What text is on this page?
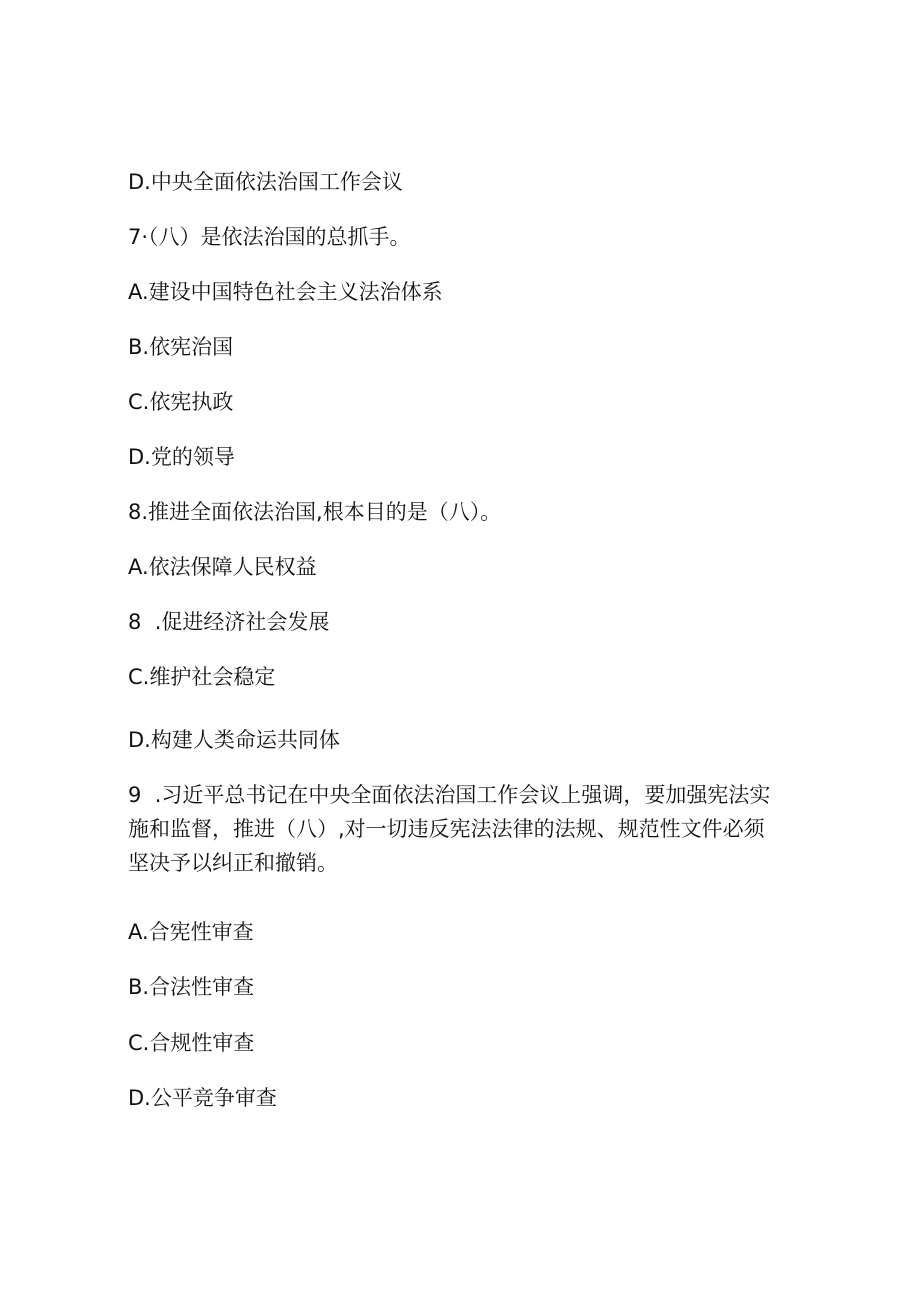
D.中央全面依法治国工作会议

7·（八）是依法治国的总抓手。

A.建设中国特色社会主义法治体系

B.依宪治国

C.依宪执政

D.党的领导

8.推进全面依法治国,根本目的是（八）。

A.依法保障人民权益

8  .促进经济社会发展

C.维护社会稳定

D.构建人类命运共同体

9  .习近平总书记在中央全面依法治国工作会议上强调，要加强宪法实
施和监督，推进（八）,对一切违反宪法法律的法规、规范性文件必须
坚决予以纠正和撤销。

A.合宪性审查

B.合法性审查

C.合规性审查

D.公平竞争审查
